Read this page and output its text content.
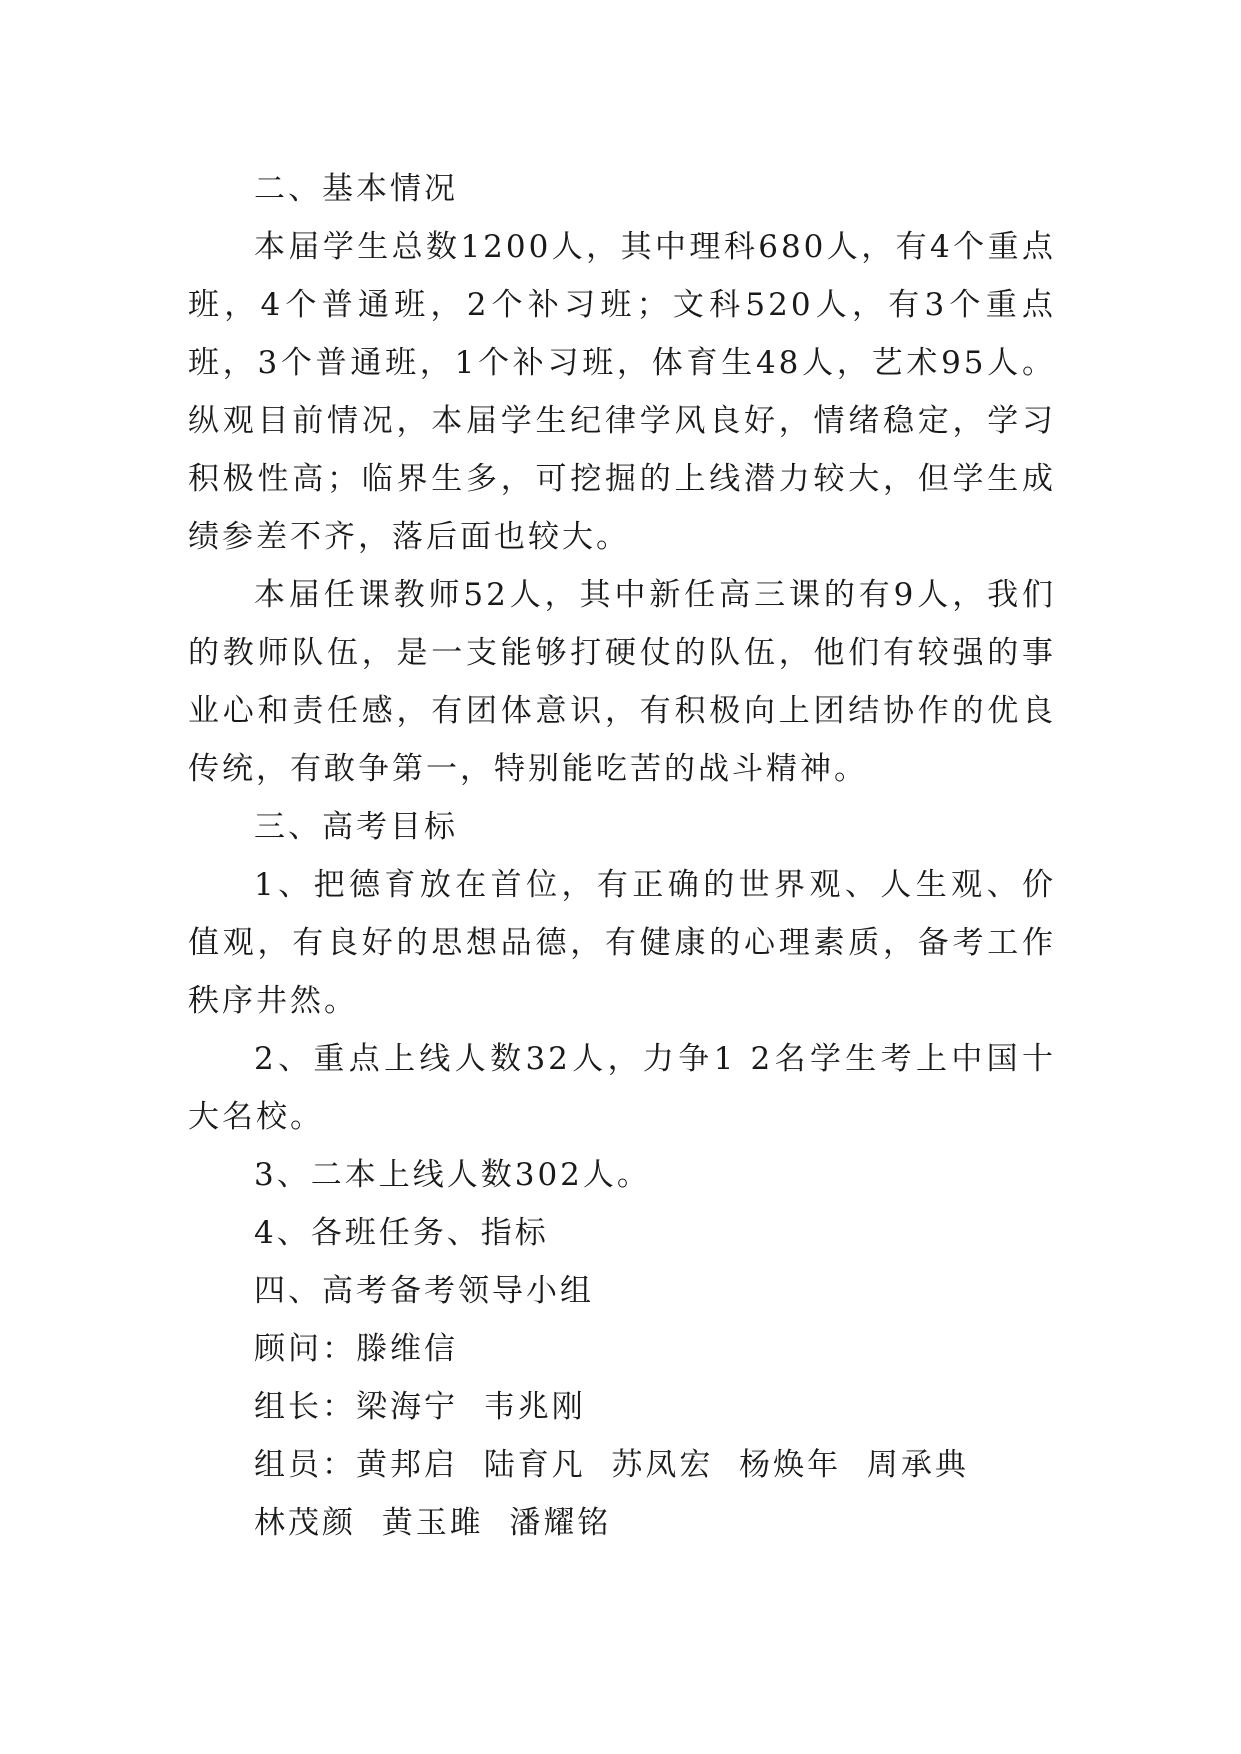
二、基本情况

本届学生总数1200人，其中理科680人，有4个重点班，4个普通班，2个补习班；文科520人，有3个重点班，3个普通班，1个补习班，体育生48人，艺术95人。纵观目前情况，本届学生纪律学风良好，情绪稳定，学习积极性高；临界生多，可挖掘的上线潜力较大，但学生成绩参差不齐，落后面也较大。

本届任课教师52人，其中新任高三课的有9人，我们的教师队伍，是一支能够打硬仗的队伍，他们有较强的事业心和责任感，有团体意识，有积极向上团结协作的优良传统，有敢争第一，特别能吃苦的战斗精神。

三、高考目标

1、把德育放在首位，有正确的世界观、人生观、价值观，有良好的思想品德，有健康的心理素质，备考工作秩序井然。

2、重点上线人数32人，力争1 2名学生考上中国十大名校。

3、二本上线人数302人。

4、各班任务、指标

四、高考备考领导小组

顾问：滕维信

组长：梁海宁  韦兆刚

组员：黄邦启  陆育凡  苏凤宏  杨焕年  周承典

林茂颜  黄玉雎  潘耀铭
